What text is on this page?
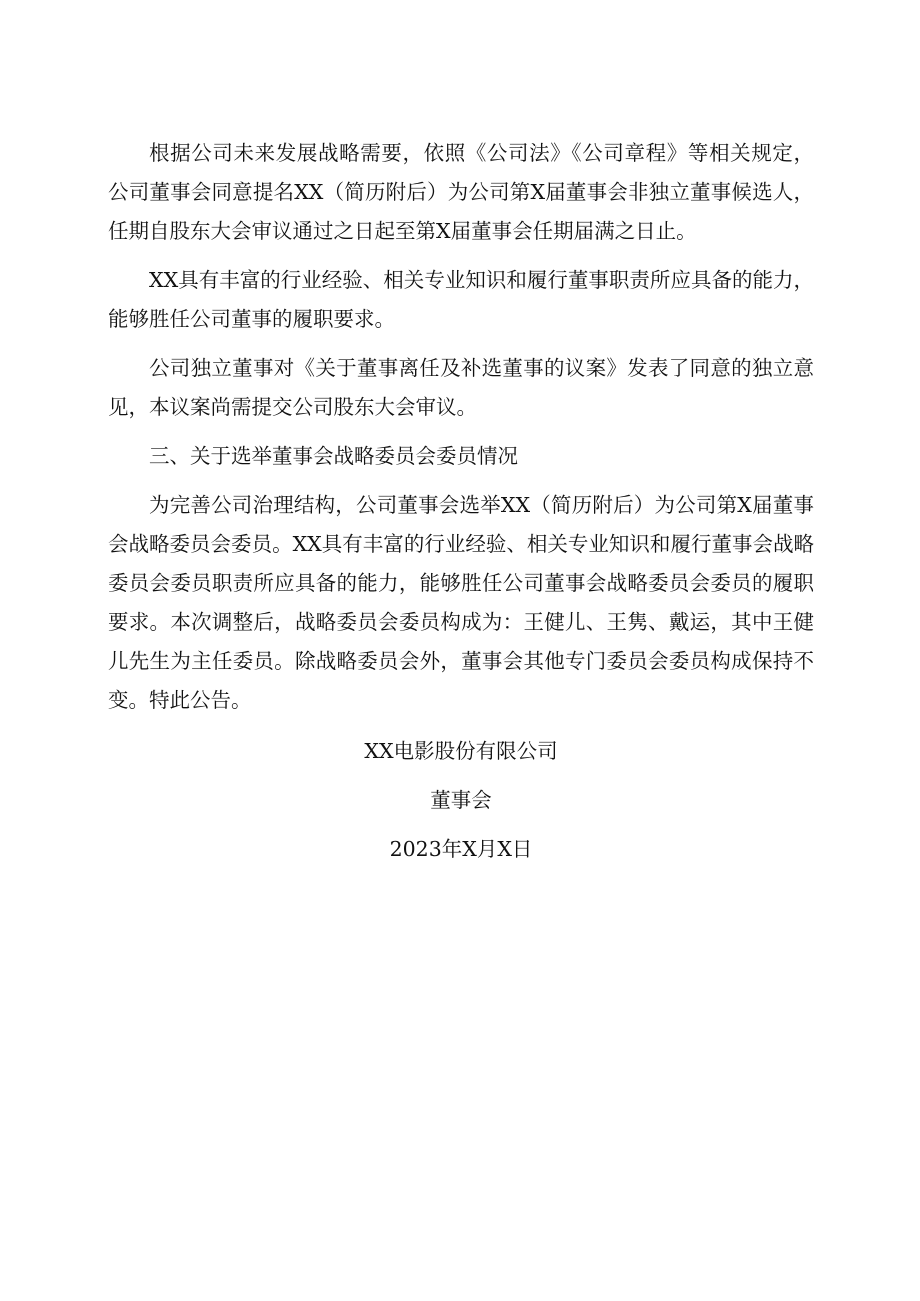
根据公司未来发展战略需要，依照《公司法》《公司章程》等相关规定，公司董事会同意提名XX（简历附后）为公司第X届董事会非独立董事候选人，任期自股东大会审议通过之日起至第X届董事会任期届满之日止。

XX具有丰富的行业经验、相关专业知识和履行董事职责所应具备的能力，能够胜任公司董事的履职要求。

公司独立董事对《关于董事离任及补选董事的议案》发表了同意的独立意见，本议案尚需提交公司股东大会审议。

三、关于选举董事会战略委员会委员情况

为完善公司治理结构，公司董事会选举XX（简历附后）为公司第X届董事会战略委员会委员。XX具有丰富的行业经验、相关专业知识和履行董事会战略委员会委员职责所应具备的能力，能够胜任公司董事会战略委员会委员的履职要求。本次调整后，战略委员会委员构成为：王健儿、王隽、戴运，其中王健儿先生为主任委员。除战略委员会外，董事会其他专门委员会委员构成保持不变。特此公告。

XX电影股份有限公司
董事会
2023年X月X日
